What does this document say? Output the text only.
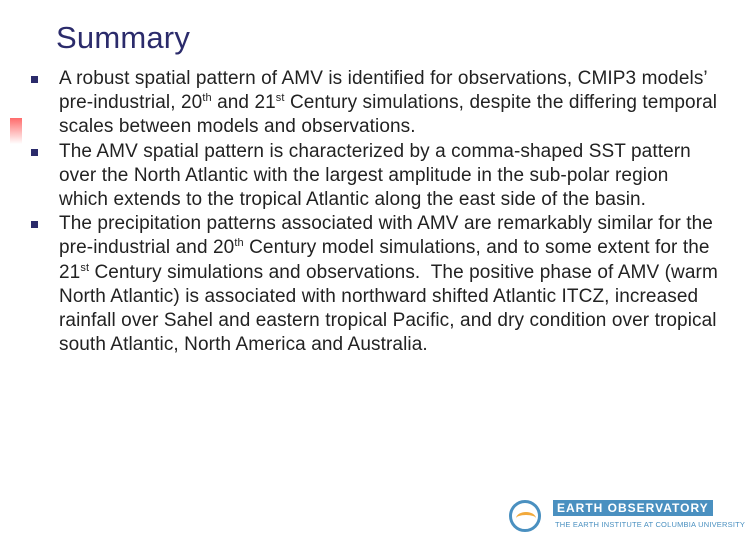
Summary
A robust spatial pattern of AMV is identified for observations, CMIP3 models’ pre-industrial, 20th and 21st Century simulations, despite the differing temporal scales between models and observations.
The AMV spatial pattern is characterized by a comma-shaped SST pattern over the North Atlantic with the largest amplitude in the sub-polar region which extends to the tropical Atlantic along the east side of the basin.
The precipitation patterns associated with AMV are remarkably similar for the pre-industrial and 20th Century model simulations, and to some extent for the 21st Century simulations and observations.  The positive phase of AMV (warm North Atlantic) is associated with northward shifted Atlantic ITCZ, increased rainfall over Sahel and eastern tropical Pacific, and dry condition over tropical south Atlantic, North America and Australia.
EARTH OBSERVATORY
THE EARTH INSTITUTE AT COLUMBIA UNIVERSITY
